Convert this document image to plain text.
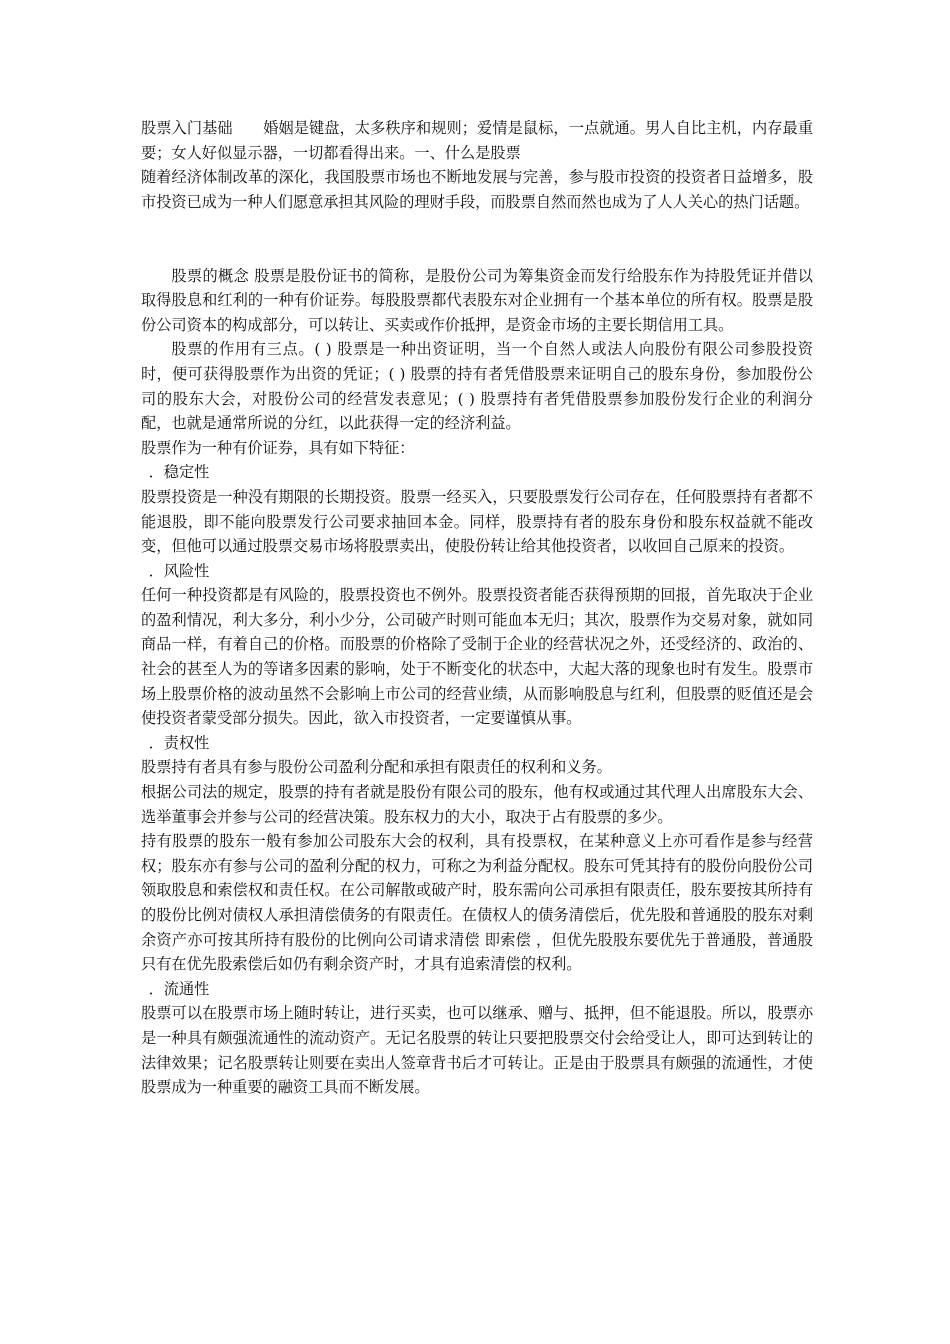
股票入门基础　　婚姻是键盘，太多秩序和规则；爱情是鼠标，一点就通。男人自比主机，内存最重要；女人好似显示器，一切都看得出来。一、什么是股票

随着经济体制改革的深化，我国股票市场也不断地发展与完善，参与股市投资的投资者日益增多，股市投资已成为一种人们愿意承担其风险的理财手段，而股票自然而然也成为了人人关心的热门话题。

股票的概念 股票是股份证书的简称，是股份公司为筹集资金而发行给股东作为持股凭证并借以取得股息和红利的一种有价证券。每股股票都代表股东对企业拥有一个基本单位的所有权。股票是股份公司资本的构成部分，可以转让、买卖或作价抵押，是资金市场的主要长期信用工具。

股票的作用有三点。( ) 股票是一种出资证明，当一个自然人或法人向股份有限公司参股投资时，便可获得股票作为出资的凭证；( ) 股票的持有者凭借股票来证明自己的股东身份，参加股份公司的股东大会，对股份公司的经营发表意见；( ) 股票持有者凭借股票参加股份发行企业的利润分配，也就是通常所说的分红，以此获得一定的经济利益。

股票作为一种有价证券，具有如下特征：

．稳定性

股票投资是一种没有期限的长期投资。股票一经买入，只要股票发行公司存在，任何股票持有者都不能退股，即不能向股票发行公司要求抽回本金。同样，股票持有者的股东身份和股东权益就不能改变，但他可以通过股票交易市场将股票卖出，使股份转让给其他投资者，以收回自己原来的投资。

．风险性

任何一种投资都是有风险的，股票投资也不例外。股票投资者能否获得预期的回报，首先取决于企业的盈利情况，利大多分，利小少分，公司破产时则可能血本无归；其次，股票作为交易对象，就如同商品一样，有着自己的价格。而股票的价格除了受制于企业的经营状况之外，还受经济的、政治的、社会的甚至人为的等诸多因素的影响，处于不断变化的状态中，大起大落的现象也时有发生。股票市场上股票价格的波动虽然不会影响上市公司的经营业绩，从而影响股息与红利，但股票的贬值还是会使投资者蒙受部分损失。因此，欲入市投资者，一定要谨慎从事。

．责权性

股票持有者具有参与股份公司盈利分配和承担有限责任的权利和义务。

根据公司法的规定，股票的持有者就是股份有限公司的股东，他有权或通过其代理人出席股东大会、选举董事会并参与公司的经营决策。股东权力的大小，取决于占有股票的多少。

持有股票的股东一般有参加公司股东大会的权利，具有投票权，在某种意义上亦可看作是参与经营权；股东亦有参与公司的盈利分配的权力，可称之为利益分配权。股东可凭其持有的股份向股份公司领取股息和索偿权和责任权。在公司解散或破产时，股东需向公司承担有限责任，股东要按其所持有的股份比例对债权人承担清偿债务的有限责任。在债权人的债务清偿后，优先股和普通股的股东对剩余资产亦可按其所持有股份的比例向公司请求清偿 即索偿 ，但优先股股东要优先于普通股，普通股只有在优先股索偿后如仍有剩余资产时，才具有追索清偿的权利。

．流通性

股票可以在股票市场上随时转让，进行买卖，也可以继承、赠与、抵押，但不能退股。所以，股票亦是一种具有颇强流通性的流动资产。无记名股票的转让只要把股票交付会给受让人，即可达到转让的法律效果；记名股票转让则要在卖出人签章背书后才可转让。正是由于股票具有颇强的流通性，才使股票成为一种重要的融资工具而不断发展。
